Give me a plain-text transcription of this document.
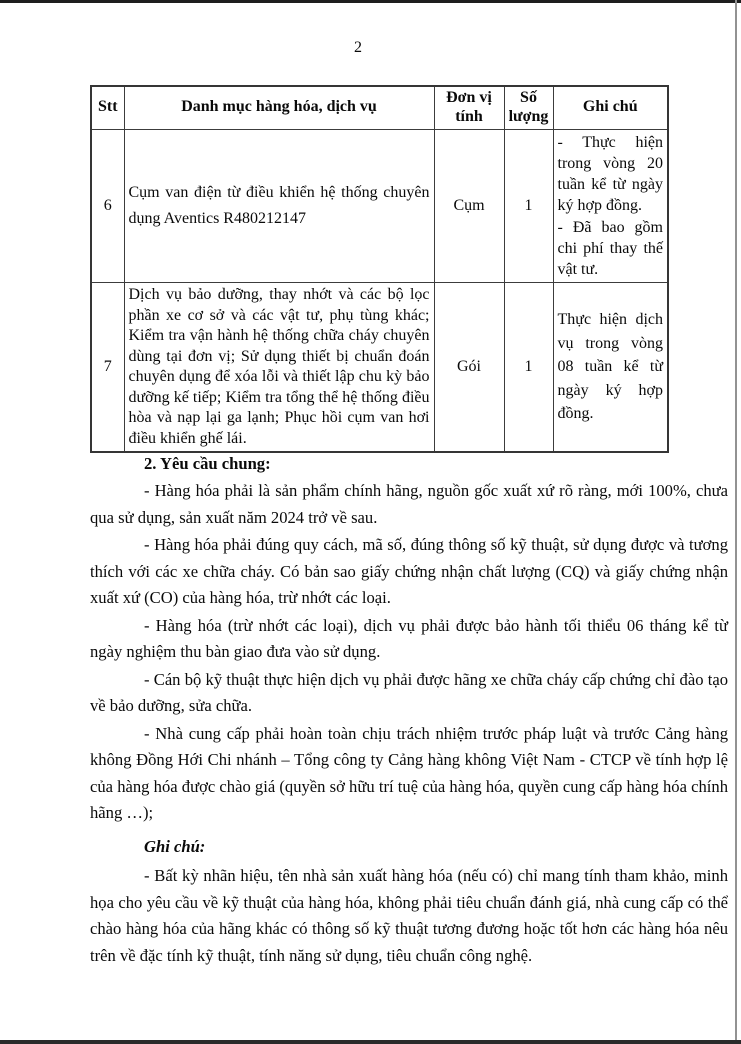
2
Stt	Danh mục hàng hóa, dịch vụ	Đơn vị tính	Số lượng	Ghi chú
6	Cụm van điện từ điều khiển hệ thống chuyên dụng Aventics R480212147	Cụm	1	- Thực hiện trong vòng 20 tuần kể từ ngày ký hợp đồng.

- Đã bao gồm chi phí thay thế vật tư.

7	Dịch vụ bảo dưỡng, thay nhớt và các bộ lọc phần xe cơ sở và các vật tư, phụ tùng khác; Kiểm tra vận hành hệ thống chữa cháy chuyên dùng tại đơn vị; Sử dụng thiết bị chuẩn đoán chuyên dụng để xóa lỗi và thiết lập chu kỳ bảo dưỡng kế tiếp; Kiểm tra tổng thể hệ thống điều hòa và nạp lại ga lạnh; Phục hồi cụm van hơi điều khiển ghế lái.	Gói	1	Thực hiện dịch vụ trong vòng 08 tuần kể từ ngày ký hợp đồng.

2. Yêu cầu chung:

- Hàng hóa phải là sản phẩm chính hãng, nguồn gốc xuất xứ rõ ràng, mới 100%, chưa qua sử dụng, sản xuất năm 2024 trở về sau.

- Hàng hóa phải đúng quy cách, mã số, đúng thông số kỹ thuật, sử dụng được và tương thích với các xe chữa cháy. Có bản sao giấy chứng nhận chất lượng (CQ) và giấy chứng nhận xuất xứ (CO) của hàng hóa, trừ nhớt các loại.

- Hàng hóa (trừ nhớt các loại), dịch vụ phải được bảo hành tối thiểu 06 tháng kể từ ngày nghiệm thu bàn giao đưa vào sử dụng.

- Cán bộ kỹ thuật thực hiện dịch vụ phải được hãng xe chữa cháy cấp chứng chỉ đào tạo về bảo dưỡng, sửa chữa.

- Nhà cung cấp phải hoàn toàn chịu trách nhiệm trước pháp luật và trước Cảng hàng không Đồng Hới Chi nhánh – Tổng công ty Cảng hàng không Việt Nam - CTCP về tính hợp lệ của hàng hóa được chào giá (quyền sở hữu trí tuệ của hàng hóa, quyền cung cấp hàng hóa chính hãng …);

Ghi chú:

- Bất kỳ nhãn hiệu, tên nhà sản xuất hàng hóa (nếu có) chỉ mang tính tham khảo, minh họa cho yêu cầu về kỹ thuật của hàng hóa, không phải tiêu chuẩn đánh giá, nhà cung cấp có thể chào hàng hóa của hãng khác có thông số kỹ thuật tương đương hoặc tốt hơn các hàng hóa nêu trên về đặc tính kỹ thuật, tính năng sử dụng, tiêu chuẩn công nghệ.
